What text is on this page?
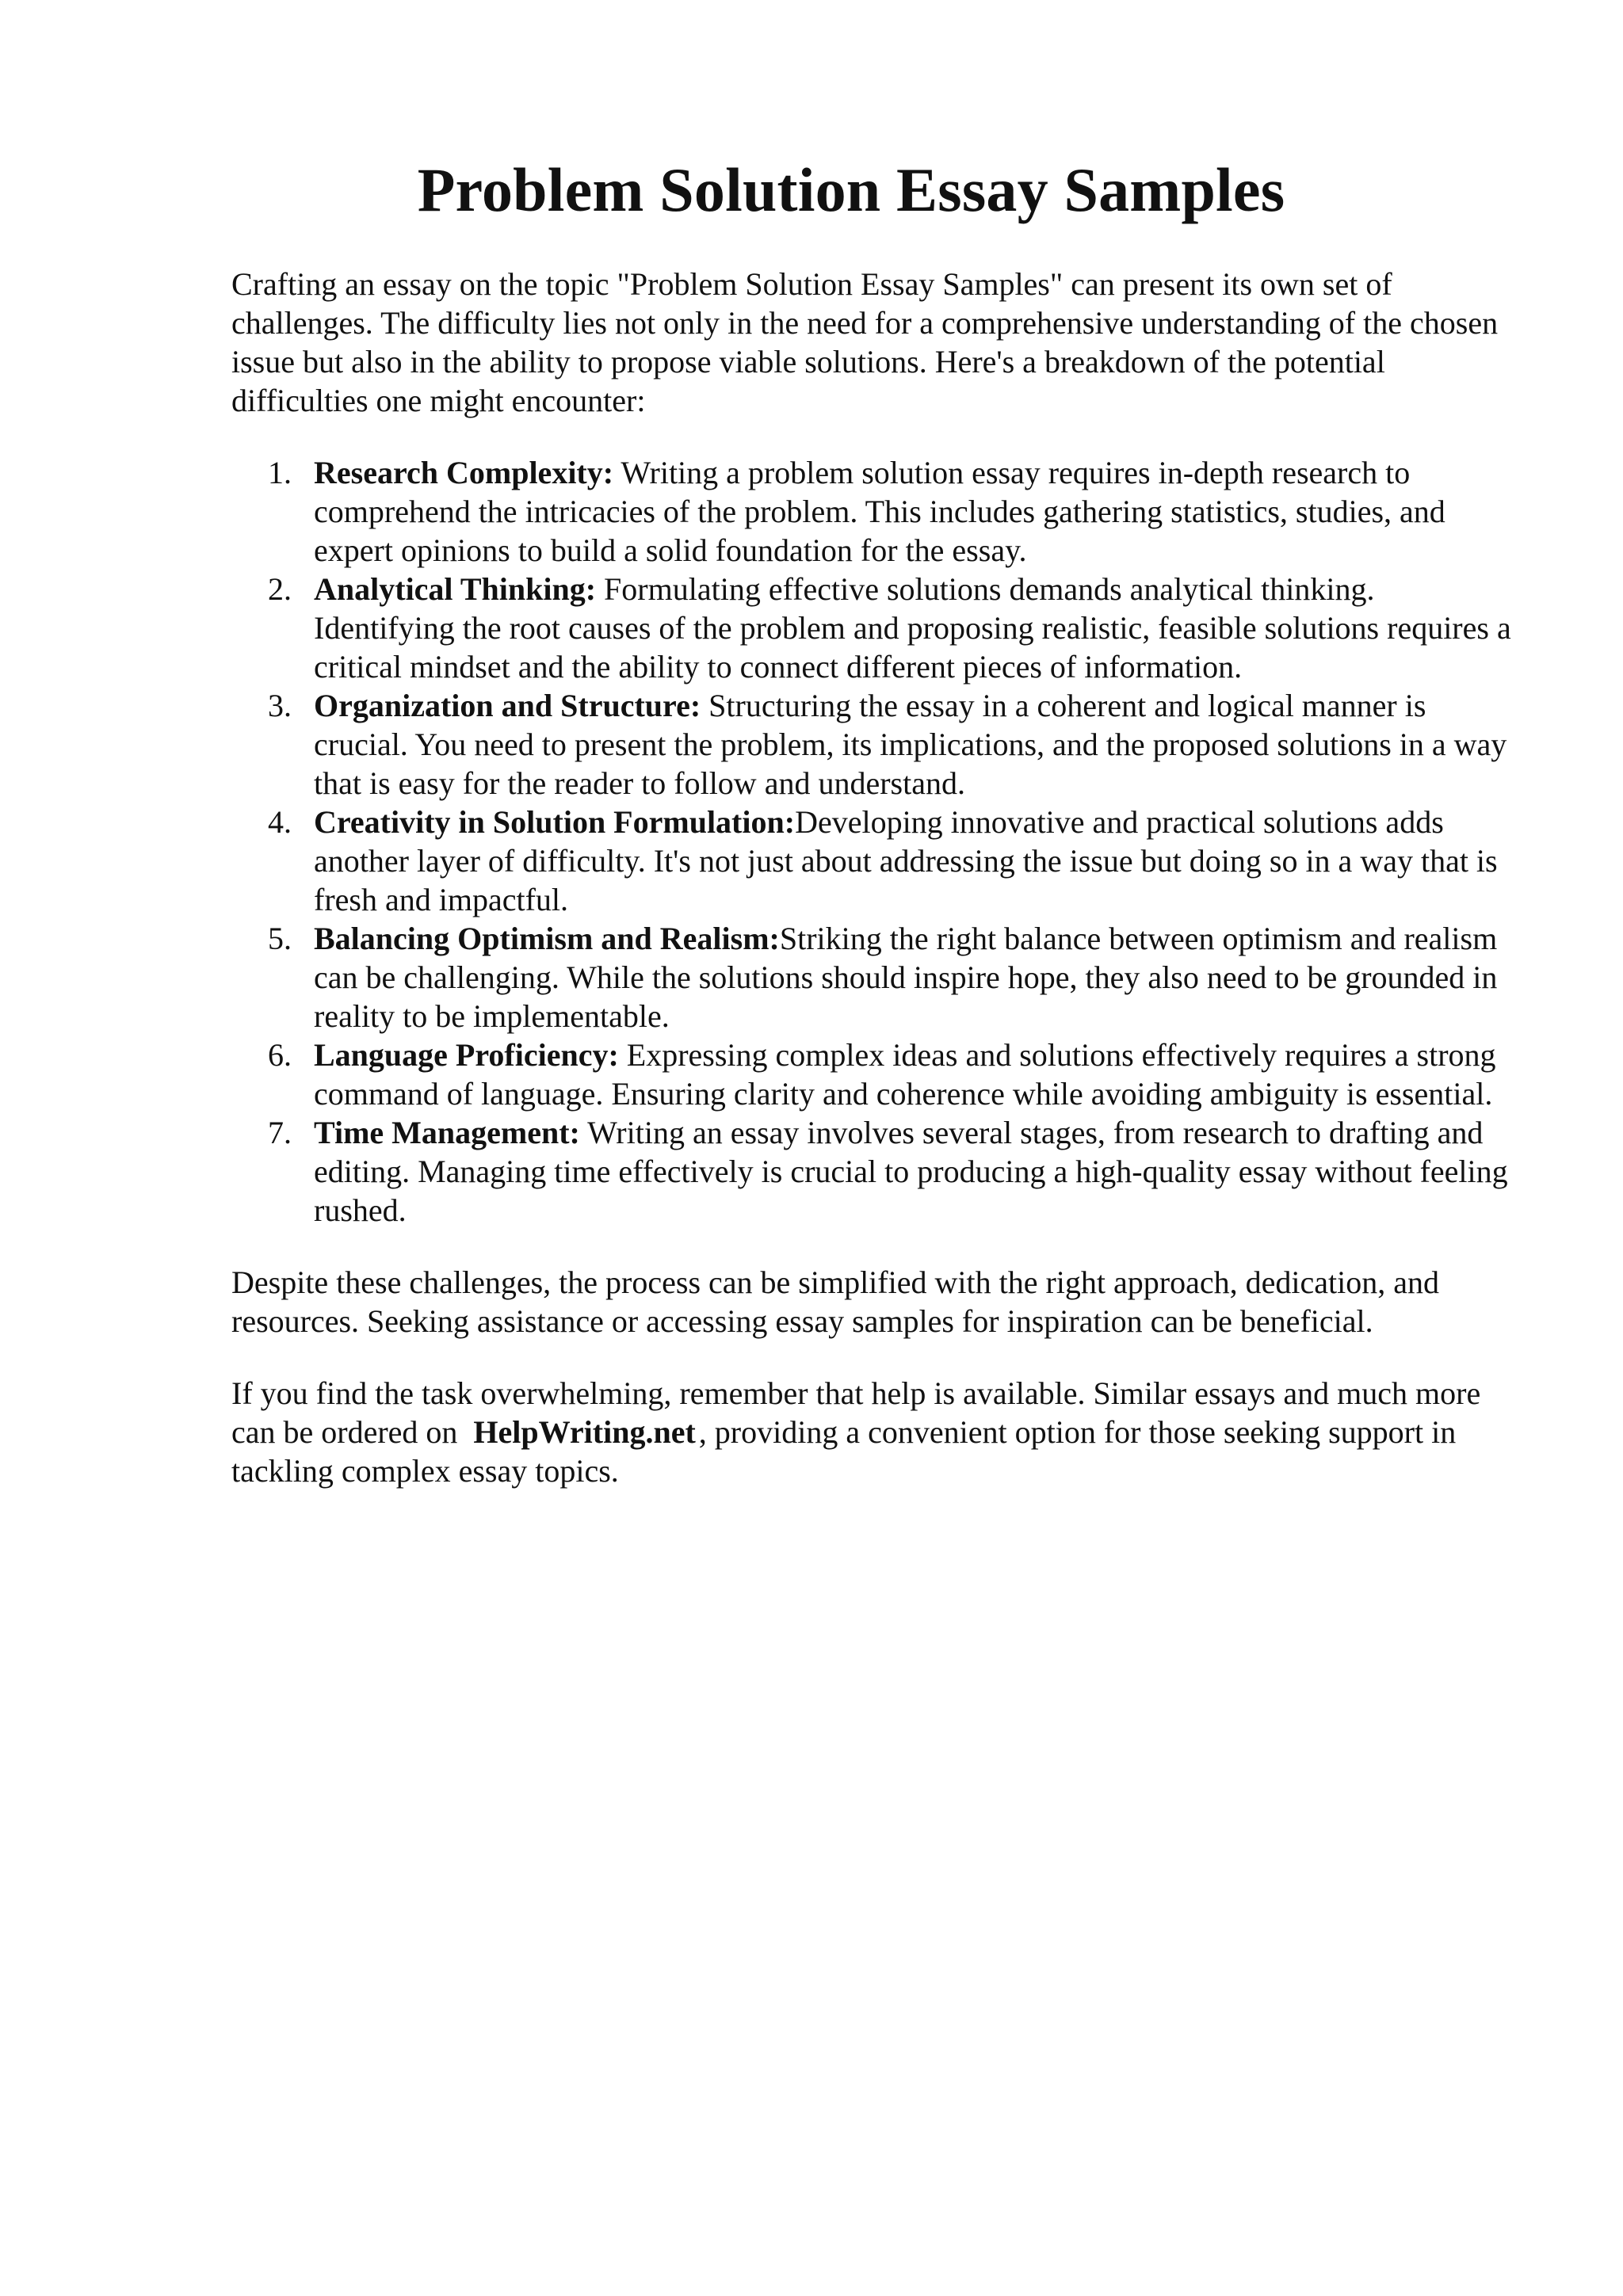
Problem Solution Essay Samples

Crafting an essay on the topic "Problem Solution Essay Samples" can present its own set of challenges. The difficulty lies not only in the need for a comprehensive understanding of the chosen issue but also in the ability to propose viable solutions. Here's a breakdown of the potential difficulties one might encounter:

1. Research Complexity: Writing a problem solution essay requires in-depth research to comprehend the intricacies of the problem. This includes gathering statistics, studies, and expert opinions to build a solid foundation for the essay.
2. Analytical Thinking: Formulating effective solutions demands analytical thinking. Identifying the root causes of the problem and proposing realistic, feasible solutions requires a critical mindset and the ability to connect different pieces of information.
3. Organization and Structure: Structuring the essay in a coherent and logical manner is crucial. You need to present the problem, its implications, and the proposed solutions in a way that is easy for the reader to follow and understand.
4. Creativity in Solution Formulation:Developing innovative and practical solutions adds another layer of difficulty. It's not just about addressing the issue but doing so in a way that is fresh and impactful.
5. Balancing Optimism and Realism:Striking the right balance between optimism and realism can be challenging. While the solutions should inspire hope, they also need to be grounded in reality to be implementable.
6. Language Proficiency: Expressing complex ideas and solutions effectively requires a strong command of language. Ensuring clarity and coherence while avoiding ambiguity is essential.
7. Time Management: Writing an essay involves several stages, from research to drafting and editing. Managing time effectively is crucial to producing a high-quality essay without feeling rushed.

Despite these challenges, the process can be simplified with the right approach, dedication, and resources. Seeking assistance or accessing essay samples for inspiration can be beneficial.

If you find the task overwhelming, remember that help is available. Similar essays and much more can be ordered on HelpWriting.net , providing a convenient option for those seeking support in tackling complex essay topics.
